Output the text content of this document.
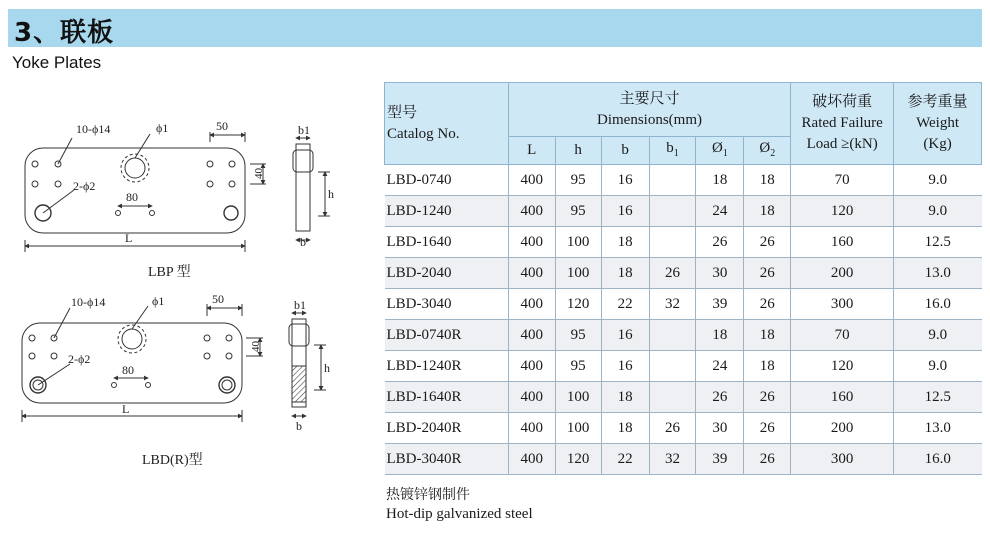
3、联板
Yoke Plates
10-ϕ14	ϕ1
2-ϕ2
80
L
50
40
b1
h
b
LBP 型
10-ϕ14	ϕ1
2-ϕ2
80
L
50
40
b1
h
b
LBD(R)型
型号
Catalog No.	主要尺寸
Dimensions(mm)						破坏荷重
Rated Failure
Load ≥(kN)	参考重量
Weight
(Kg)
	L	h	b	$b_1$	$Ø_1$	$Ø_2$
LBD-0740	400	95	16		18	18	70	9.0
LBD-1240	400	95	16		24	18	120	9.0
LBD-1640	400	100	18		26	26	160	12.5
LBD-2040	400	100	18	26	30	26	200	13.0
LBD-3040	400	120	22	32	39	26	300	16.0
LBD-0740R	400	95	16		18	18	70	9.0
LBD-1240R	400	95	16		24	18	120	9.0
LBD-1640R	400	100	18		26	26	160	12.5
LBD-2040R	400	100	18	26	30	26	200	13.0
LBD-3040R	400	120	22	32	39	26	300	16.0
热镀锌钢制件
Hot-dip galvanized steel
